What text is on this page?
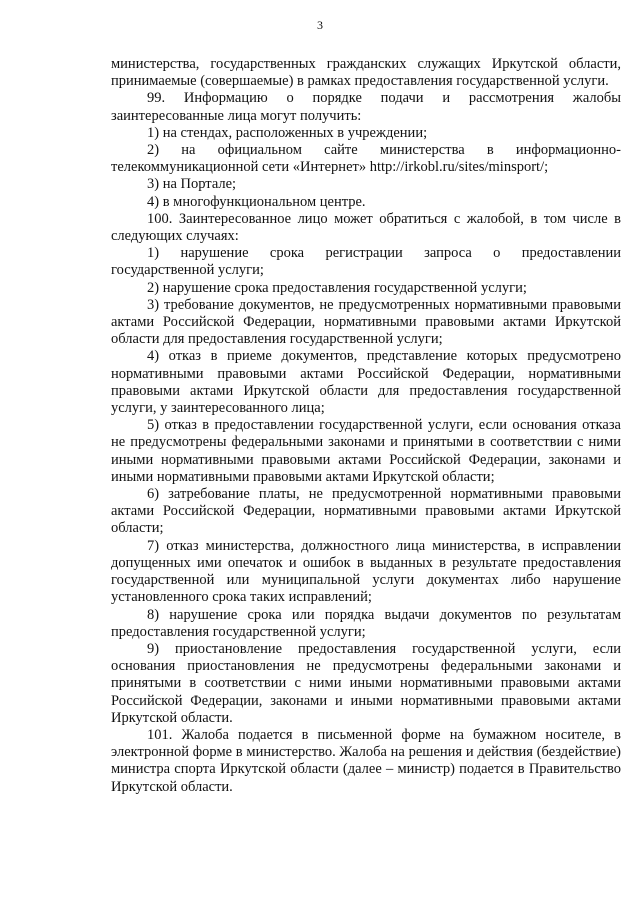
3

министерства, государственных гражданских служащих Иркутской области, принимаемые (совершаемые) в рамках предоставления государственной услуги.

99. Информацию о порядке подачи и рассмотрения жалобы заинтересованные лица могут получить:

1) на стендах, расположенных в учреждении;

2) на официальном сайте министерства в информационно-телекоммуникационной сети «Интернет» http://irkobl.ru/sites/minsport/;

3) на Портале;

4) в многофункциональном центре.

100. Заинтересованное лицо может обратиться с жалобой, в том числе в следующих случаях:

1) нарушение срока регистрации запроса о предоставлении государственной услуги;

2) нарушение срока предоставления государственной услуги;

3) требование документов, не предусмотренных нормативными правовыми актами Российской Федерации, нормативными правовыми актами Иркутской области для предоставления государственной услуги;

4) отказ в приеме документов, представление которых предусмотрено нормативными правовыми актами Российской Федерации, нормативными правовыми актами Иркутской области для предоставления государственной услуги, у заинтересованного лица;

5) отказ в предоставлении государственной услуги, если основания отказа не предусмотрены федеральными законами и принятыми в соответствии с ними иными нормативными правовыми актами Российской Федерации, законами и иными нормативными правовыми актами Иркутской области;

6) затребование платы, не предусмотренной нормативными правовыми актами Российской Федерации, нормативными правовыми актами Иркутской области;

7) отказ министерства, должностного лица министерства, в исправлении допущенных ими опечаток и ошибок в выданных в результате предоставления государственной или муниципальной услуги документах либо нарушение установленного срока таких исправлений;

8) нарушение срока или порядка выдачи документов по результатам предоставления государственной услуги;

9) приостановление предоставления государственной услуги, если основания приостановления не предусмотрены федеральными законами и принятыми в соответствии с ними иными нормативными правовыми актами Российской Федерации, законами и иными нормативными правовыми актами Иркутской области.

101. Жалоба подается в письменной форме на бумажном носителе, в электронной форме в министерство. Жалоба на решения и действия (бездействие) министра спорта Иркутской области (далее – министр) подается в Правительство Иркутской области.
